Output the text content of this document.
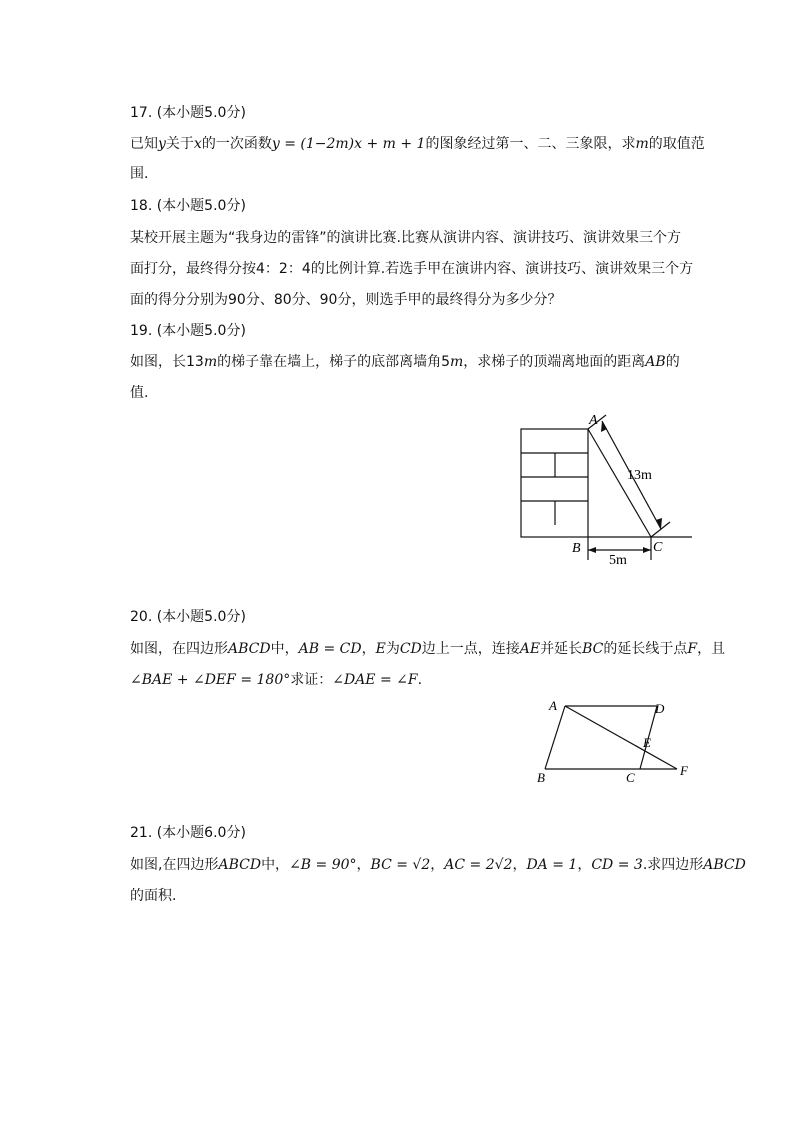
17. (本小题5.0分)
已知y关于x的一次函数y = (1−2m)x + m + 1的图象经过第一、二、三象限，求m的取值范
围.
18. (本小题5.0分)
某校开展主题为“我身边的雷锋”的演讲比赛.比赛从演讲内容、演讲技巧、演讲效果三个方
面打分，最终得分按4：2：4的比例计算.若选手甲在演讲内容、演讲技巧、演讲效果三个方
面的得分分别为90分、80分、90分，则选手甲的最终得分为多少分？
19. (本小题5.0分)
如图，长13m的梯子靠在墙上，梯子的底部离墙角5m，求梯子的顶端离地面的距离AB的
值.
A
B	C
13m
5m
20. (本小题5.0分)
如图，在四边形ABCD中，AB = CD，E为CD边上一点，连接AE并延长BC的延长线于点F，且
∠BAE + ∠DEF = 180°求证：∠DAE = ∠F.
A
B	C
D
E
F
21. (本小题6.0分)
如图,在四边形ABCD中，∠B = 90°，BC = √2，AC = 2√2，DA = 1，CD = 3.求四边形ABCD
的面积.
